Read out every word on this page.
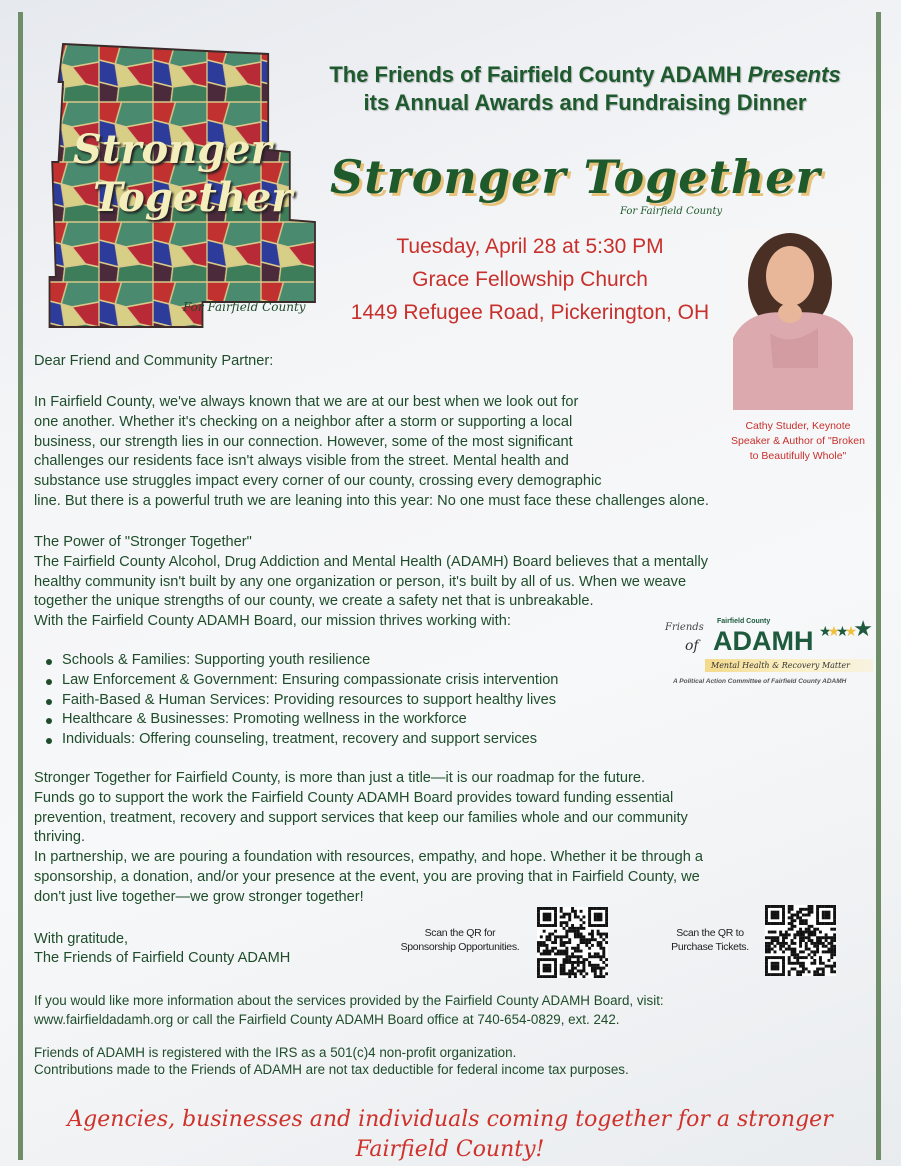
Stronger
Together
For Fairfield County
The Friends of Fairfield County ADAMH Presents
its Annual Awards and Fundraising Dinner
Stronger Together
For Fairfield County
Tuesday, April 28 at 5:30 PM
Grace Fellowship Church
1449 Refugee Road, Pickerington, OH
Cathy Studer, Keynote
Speaker & Author of "Broken
to Beautifully Whole"
Dear Friend and Community Partner:
In Fairfield County, we've always known that we are at our best when we look out for
one another. Whether it's checking on a neighbor after a storm or supporting a local
business, our strength lies in our connection. However, some of the most significant
challenges our residents face isn't always visible from the street. Mental health and
substance use struggles impact every corner of our county, crossing every demographic
line. But there is a powerful truth we are leaning into this year: No one must face these challenges alone.
The Power of "Stronger Together"
The Fairfield County Alcohol, Drug Addiction and Mental Health (ADAMH) Board believes that a mentally
healthy community isn't built by any one organization or person, it's built by all of us. When we weave
together the unique strengths of our county, we create a safety net that is unbreakable.
With the Fairfield County ADAMH Board, our mission thrives working with:
Schools & Families: Supporting youth resilience
Law Enforcement & Government: Ensuring compassionate crisis intervention
Faith-Based & Human Services: Providing resources to support healthy lives
Healthcare & Businesses: Promoting wellness in the workforce
Individuals: Offering counseling, treatment, recovery and support services
Friends
of
Fairfield County
ADAMH ★★★★★
Mental Health & Recovery Matter
A Political Action Committee of Fairfield County ADAMH
Stronger Together for Fairfield County, is more than just a title—it is our roadmap for the future.
Funds go to support the work the Fairfield County ADAMH Board provides toward funding essential
prevention, treatment, recovery and support services that keep our families whole and our community
thriving.
In partnership, we are pouring a foundation with resources, empathy, and hope. Whether it be through a
sponsorship, a donation, and/or your presence at the event, you are proving that in Fairfield County, we
don't just live together—we grow stronger together!
With gratitude,
The Friends of Fairfield County ADAMH
Scan the QR for
Sponsorship Opportunities.
Scan the QR to
Purchase Tickets.
If you would like more information about the services provided by the Fairfield County ADAMH Board, visit:
www.fairfieldadamh.org or call the Fairfield County ADAMH Board office at 740-654-0829, ext. 242.
Friends of ADAMH is registered with the IRS as a 501(c)4 non-profit organization.
Contributions made to the Friends of ADAMH are not tax deductible for federal income tax purposes.
Agencies, businesses and individuals coming together for a stronger Fairfield County!
